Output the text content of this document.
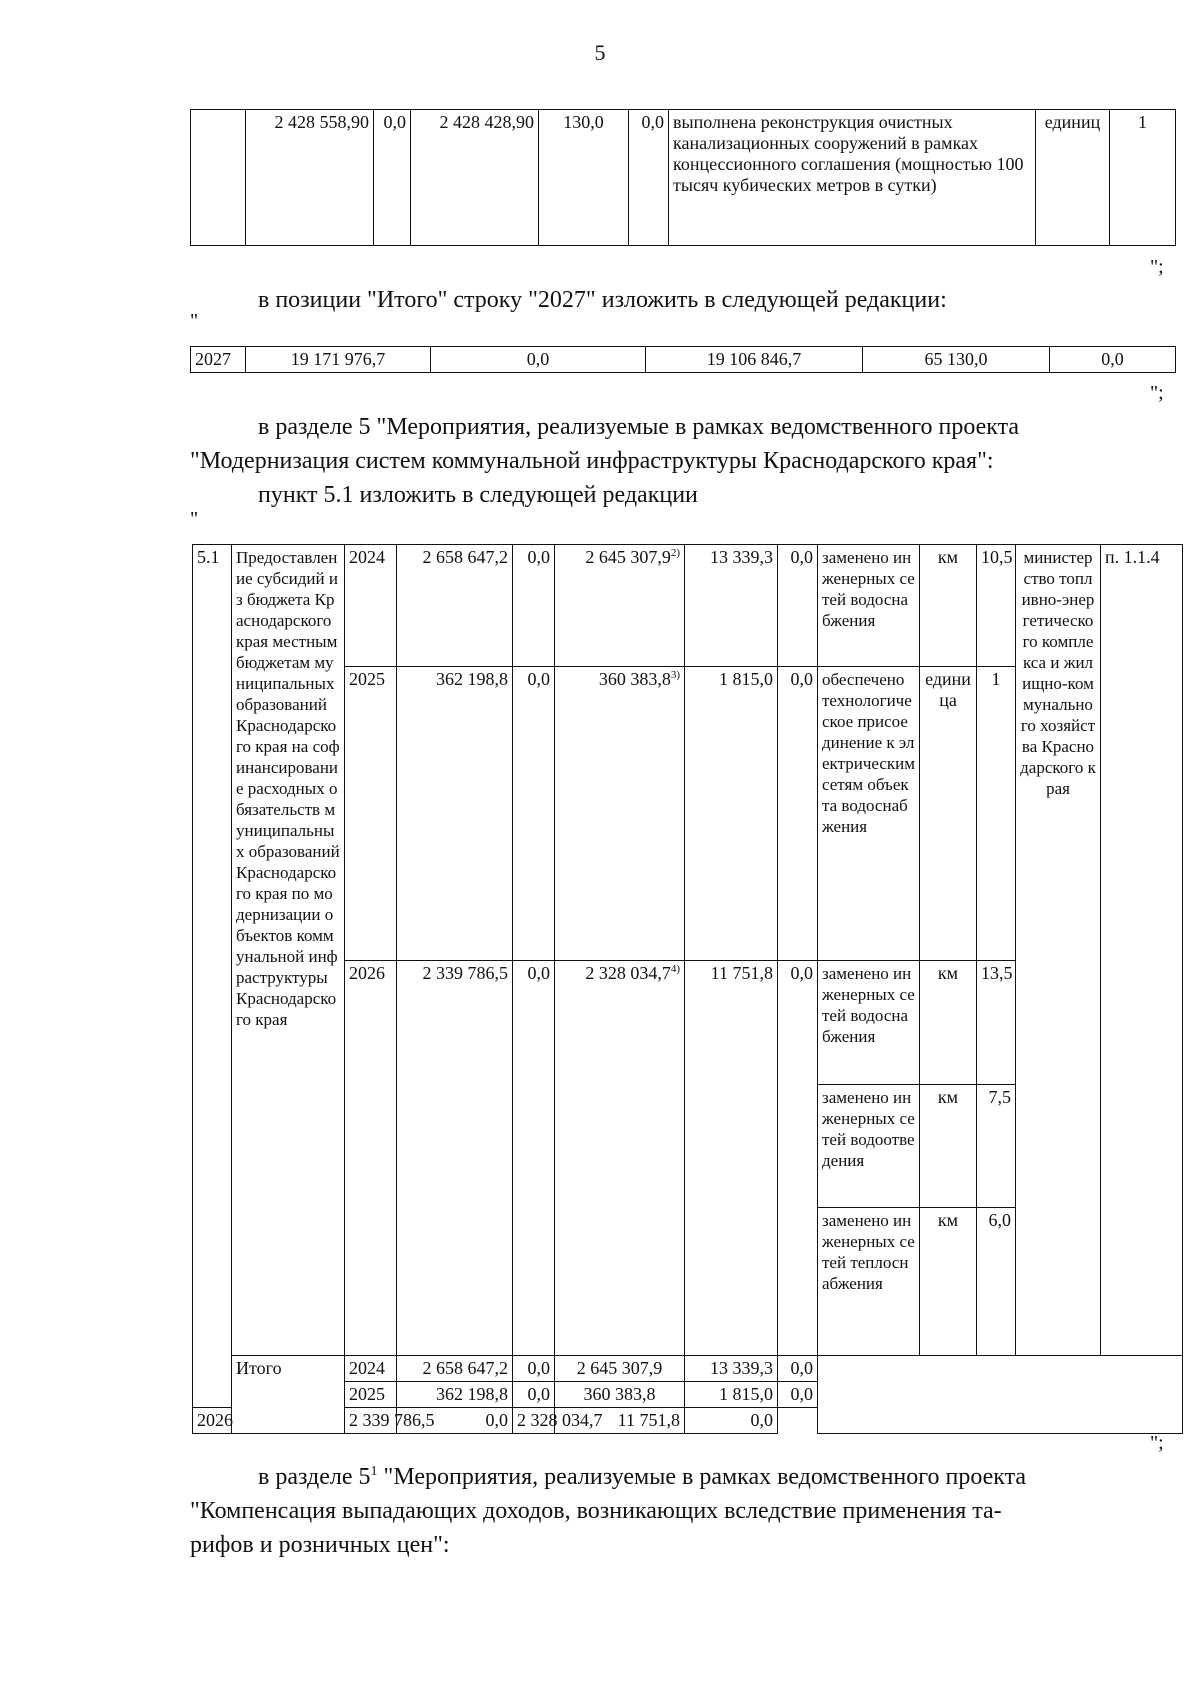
5
	2 428 558,90	0,0	2 428 428,90	130,0	0,0	выполнена реконструкция очистных канализационных сооружений в рамках концессионного соглашения (мощностью 100 тысяч кубических метров в сутки)	единиц	1
";
в позиции "Итого" строку "2027" изложить в следующей редакции:
"
2027	19 171 976,7	0,0	19 106 846,7	65 130,0	0,0
";
в разделе 5 "Мероприятия, реализуемые в рамках ведомственного проекта
"Модернизация систем коммунальной инфраструктуры Краснодарского края":
пункт 5.1 изложить в следующей редакции
"
5.1	Предоставление субсидий из бюджета Краснодарского края местным бюджетам муниципальных образований Краснодарского края на софинансирование расходных обязательств муниципальных образований Краснодарского края по модернизации объектов коммунальной инфраструктуры Краснодарского края	2024	2 658 647,2	0,0	2 645 307,9$^{2)}$	13 339,3	0,0	заменено инженерных сетей водоснабжения	км	10,5	министерство топливно-энергетического комплекса и жилищно-коммунального хозяйства Краснодарского края	п. 1.1.4
		2025	362 198,8	0,0	360 383,8$^{3)}$	1 815,0	0,0	обеспечено технологическое присоединение к электрическим сетям объекта водоснабжения	единица	1		
		2026	2 339 786,5	0,0	2 328 034,7$^{4)}$	11 751,8	0,0	заменено инженерных сетей водоснабжения	км	13,5		
								заменено инженерных сетей водоотведения	км	7,5		
								заменено инженерных сетей теплоснабжения	км	6,0		
	Итого	2024	2 658 647,2	0,0	2 645 307,9	13 339,3	0,0					
		2025	362 198,8	0,0	360 383,8	1 815,0	0,0					
2026		2 339 786,5	0,0	2 328 034,7	11 751,8	0,0						
";
в разделе $5^1$ "Мероприятия, реализуемые в рамках ведомственного проекта
"Компенсация выпадающих доходов, возникающих вследствие применения та-
рифов и розничных цен":
